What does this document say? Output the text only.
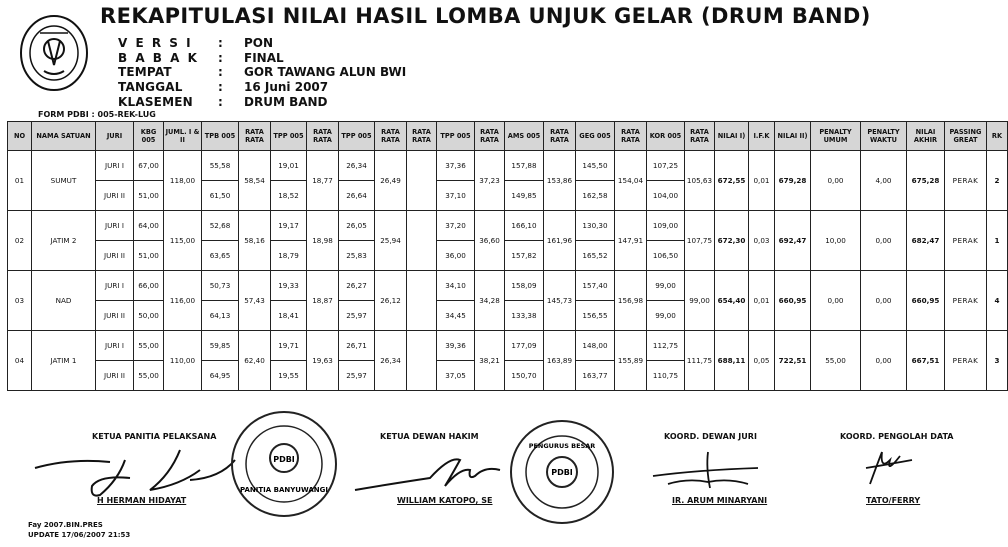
REKAPITULASI NILAI HASIL LOMBA UNJUK GELAR (DRUM BAND)
V E R S I	:	PON
B A B A K	:	FINAL
TEMPAT	:	GOR TAWANG ALUN BWI
TANGGAL	:	16 Juni 2007
KLASEMEN	:	DRUM BAND
FORM PDBI : 005-REK-LUG
NO	NAMA SATUAN	JURI	KBG 005	JUML. I & II	TPB 005	RATA RATA	TPP 005	RATA RATA	TPP 005	RATA RATA	RATA RATA	TPP 005	RATA RATA	AMS 005	RATA RATA	GEG 005	RATA RATA	KOR 005	RATA RATA	NILAI I)	I.F.K	NILAI II)	PENALTY UMUM	PENALTY WAKTU	NILAI AKHIR	PASSING GREAT	RK
01	SUMUT	JURI I	67,00	118,00	55,58	58,54	19,01	18,77	26,34	26,49		37,36	37,23	157,88	153,86	145,50	154,04	107,25	105,63	672,55	0,01	679,28	0,00	4,00	675,28	PERAK	2
		JURI II	51,00		61,50		18,52		26,64			37,10		149,85		162,58		104,00									
02	JATIM 2	JURI I	64,00	115,00	52,68	58,16	19,17	18,98	26,05	25,94		37,20	36,60	166,10	161,96	130,30	147,91	109,00	107,75	672,30	0,03	692,47	10,00	0,00	682,47	PERAK	1
		JURI II	51,00		63,65		18,79		25,83			36,00		157,82		165,52		106,50									
03	NAD	JURI I	66,00	116,00	50,73	57,43	19,33	18,87	26,27	26,12		34,10	34,28	158,09	145,73	157,40	156,98	99,00	99,00	654,40	0,01	660,95	0,00	0,00	660,95	PERAK	4
		JURI II	50,00		64,13		18,41		25,97			34,45		133,38		156,55		99,00									
04	JATIM 1	JURI I	55,00	110,00	59,85	62,40	19,71	19,63	26,71	26,34		39,36	38,21	177,09	163,89	148,00	155,89	112,75	111,75	688,11	0,05	722,51	55,00	0,00	667,51	PERAK	3
		JURI II	55,00		64,95		19,55		25,97			37,05		150,70		163,77		110,75									
KETUA PANITIA PELAKSANA
H HERMAN HIDAYAT
PDBI
PANITIA BANYUWANGI
KETUA DEWAN HAKIM
WILLIAM KATOPO, SE
PDBI
PENGURUS BESAR
KOORD. DEWAN JURI
IR. ARUM MINARYANI
KOORD. PENGOLAH DATA
TATO/FERRY
Fay 2007.BIN.PRES
UPDATE 17/06/2007 21:53
